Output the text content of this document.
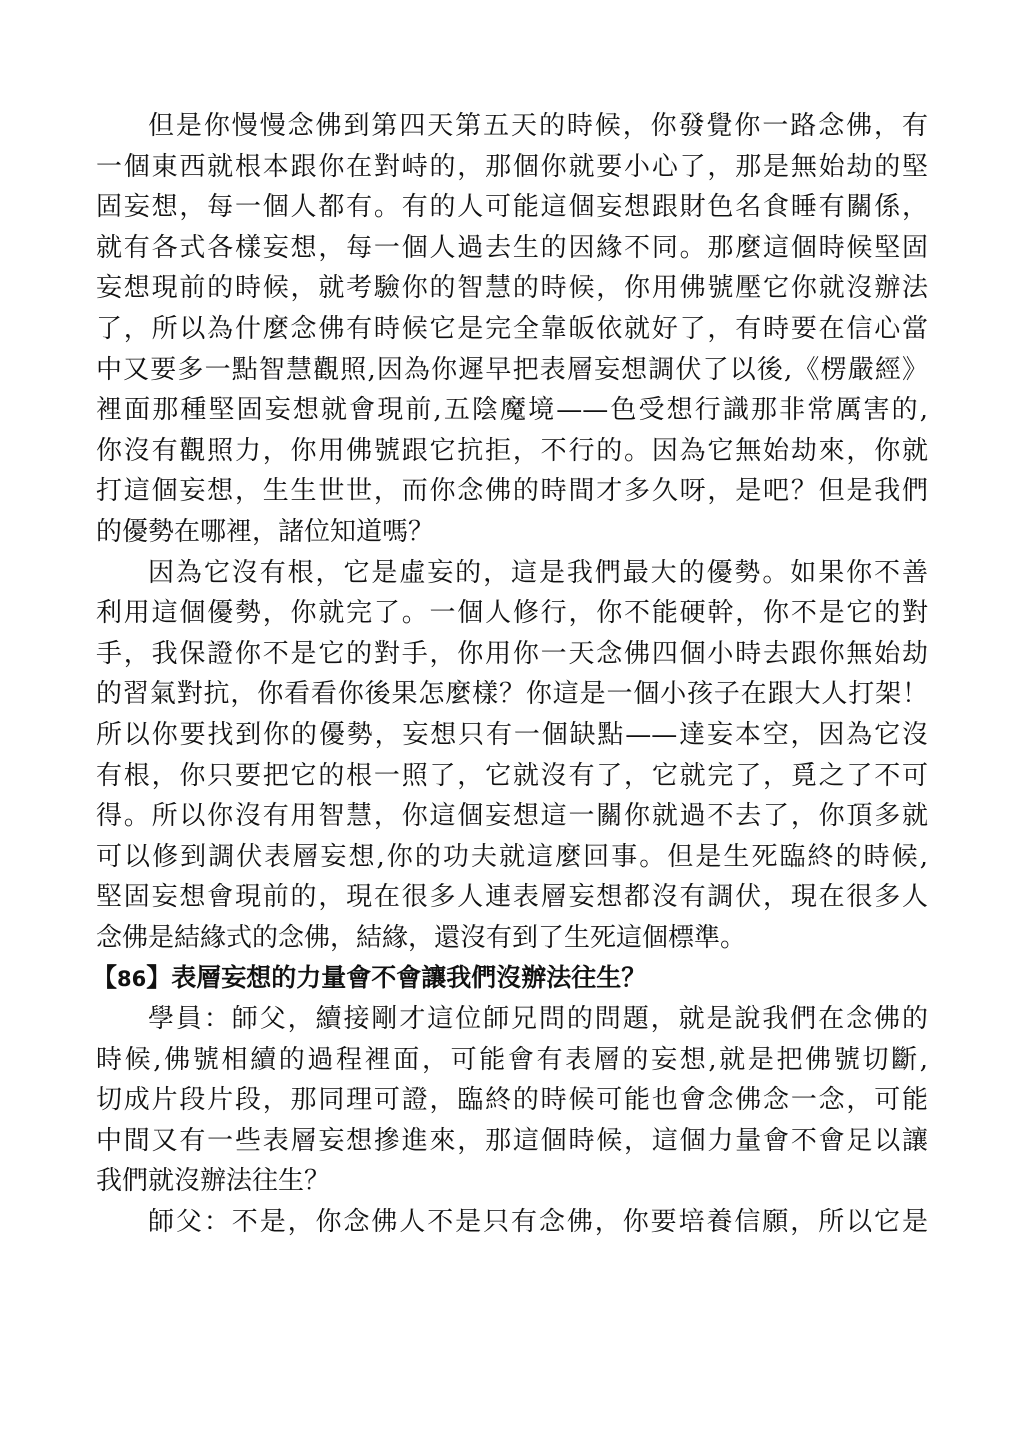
但是你慢慢念佛到第四天第五天的時候，你發覺你一路念佛，有
一個東西就根本跟你在對峙的，那個你就要小心了，那是無始劫的堅
固妄想，每一個人都有。有的人可能這個妄想跟財色名食睡有關係，
就有各式各樣妄想，每一個人過去生的因緣不同。那麼這個時候堅固
妄想現前的時候，就考驗你的智慧的時候，你用佛號壓它你就沒辦法
了，所以為什麼念佛有時候它是完全靠皈依就好了，有時要在信心當
中又要多一點智慧觀照,因為你遲早把表層妄想調伏了以後,《楞嚴經》
裡面那種堅固妄想就會現前,五陰魔境——色受想行識那非常厲害的,
你沒有觀照力，你用佛號跟它抗拒，不行的。因為它無始劫來，你就
打這個妄想，生生世世，而你念佛的時間才多久呀，是吧？但是我們
的優勢在哪裡，諸位知道嗎？
因為它沒有根，它是虛妄的，這是我們最大的優勢。如果你不善
利用這個優勢，你就完了。一個人修行，你不能硬幹，你不是它的對
手，我保證你不是它的對手，你用你一天念佛四個小時去跟你無始劫
的習氣對抗，你看看你後果怎麼樣？你這是一個小孩子在跟大人打架！
所以你要找到你的優勢，妄想只有一個缺點——達妄本空，因為它沒
有根，你只要把它的根一照了，它就沒有了，它就完了，覓之了不可
得。所以你沒有用智慧，你這個妄想這一關你就過不去了，你頂多就
可以修到調伏表層妄想,你的功夫就這麼回事。但是生死臨終的時候,
堅固妄想會現前的，現在很多人連表層妄想都沒有調伏，現在很多人
念佛是結緣式的念佛，結緣，還沒有到了生死這個標準。
【86】表層妄想的力量會不會讓我們沒辦法往生？
學員：師父，續接剛才這位師兄問的問題，就是說我們在念佛的
時候,佛號相續的過程裡面，可能會有表層的妄想,就是把佛號切斷,
切成片段片段，那同理可證，臨終的時候可能也會念佛念一念，可能
中間又有一些表層妄想摻進來，那這個時候，這個力量會不會足以讓
我們就沒辦法往生？
師父：不是，你念佛人不是只有念佛，你要培養信願，所以它是
